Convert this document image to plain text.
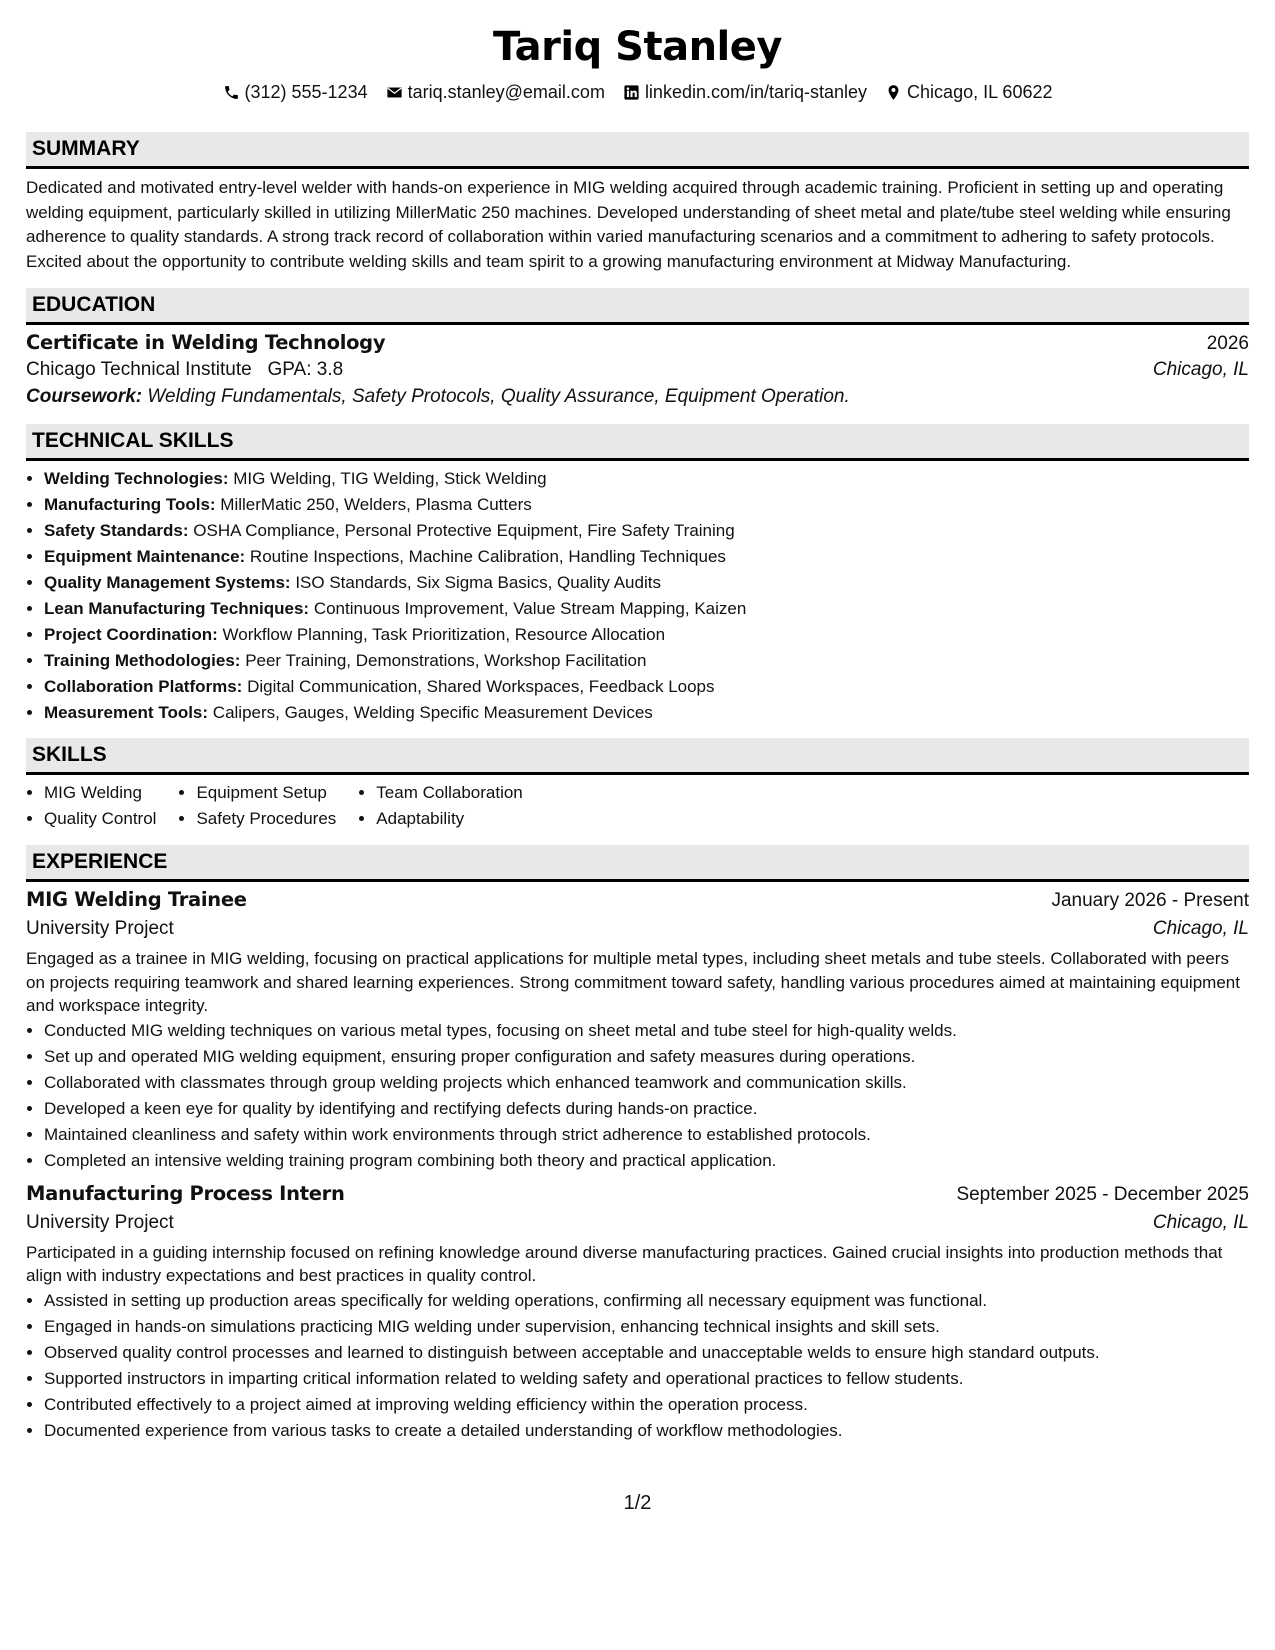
Tariq Stanley
(312) 555-1234 tariq.stanley@email.com linkedin.com/in/tariq-stanley Chicago, IL 60622
SUMMARY

Dedicated and motivated entry-level welder with hands-on experience in MIG welding acquired through academic training. Proficient in setting up and operating welding equipment, particularly skilled in utilizing MillerMatic 250 machines. Developed understanding of sheet metal and plate/tube steel welding while ensuring adherence to quality standards. A strong track record of collaboration within varied manufacturing scenarios and a commitment to adhering to safety protocols. Excited about the opportunity to contribute welding skills and team spirit to a growing manufacturing environment at Midway Manufacturing.

EDUCATION
Certificate in Welding Technology	2026
Chicago Technical Institute GPA: 3.8	Chicago, IL
Coursework: Welding Fundamentals, Safety Protocols, Quality Assurance, Equipment Operation.
TECHNICAL SKILLS
• Welding Technologies: MIG Welding, TIG Welding, Stick Welding
• Manufacturing Tools: MillerMatic 250, Welders, Plasma Cutters
• Safety Standards: OSHA Compliance, Personal Protective Equipment, Fire Safety Training
• Equipment Maintenance: Routine Inspections, Machine Calibration, Handling Techniques
• Quality Management Systems: ISO Standards, Six Sigma Basics, Quality Audits
• Lean Manufacturing Techniques: Continuous Improvement, Value Stream Mapping, Kaizen
• Project Coordination: Workflow Planning, Task Prioritization, Resource Allocation
• Training Methodologies: Peer Training, Demonstrations, Workshop Facilitation
• Collaboration Platforms: Digital Communication, Shared Workspaces, Feedback Loops
• Measurement Tools: Calipers, Gauges, Welding Specific Measurement Devices
SKILLS
• MIG Welding
• Quality Control
• Equipment Setup
• Safety Procedures
• Team Collaboration
• Adaptability
EXPERIENCE
MIG Welding Trainee	January 2026 - Present
University Project	Chicago, IL

Engaged as a trainee in MIG welding, focusing on practical applications for multiple metal types, including sheet metals and tube steels. Collaborated with peers on projects requiring teamwork and shared learning experiences. Strong commitment toward safety, handling various procedures aimed at maintaining equipment and workspace integrity.

• Conducted MIG welding techniques on various metal types, focusing on sheet metal and tube steel for high-quality welds.
• Set up and operated MIG welding equipment, ensuring proper configuration and safety measures during operations.
• Collaborated with classmates through group welding projects which enhanced teamwork and communication skills.
• Developed a keen eye for quality by identifying and rectifying defects during hands-on practice.
• Maintained cleanliness and safety within work environments through strict adherence to established protocols.
• Completed an intensive welding training program combining both theory and practical application.
Manufacturing Process Intern	September 2025 - December 2025
University Project	Chicago, IL

Participated in a guiding internship focused on refining knowledge around diverse manufacturing practices. Gained crucial insights into production methods that align with industry expectations and best practices in quality control.

• Assisted in setting up production areas specifically for welding operations, confirming all necessary equipment was functional.
• Engaged in hands-on simulations practicing MIG welding under supervision, enhancing technical insights and skill sets.
• Observed quality control processes and learned to distinguish between acceptable and unacceptable welds to ensure high standard outputs.
• Supported instructors in imparting critical information related to welding safety and operational practices to fellow students.
• Contributed effectively to a project aimed at improving welding efficiency within the operation process.
• Documented experience from various tasks to create a detailed understanding of workflow methodologies.
1/2
